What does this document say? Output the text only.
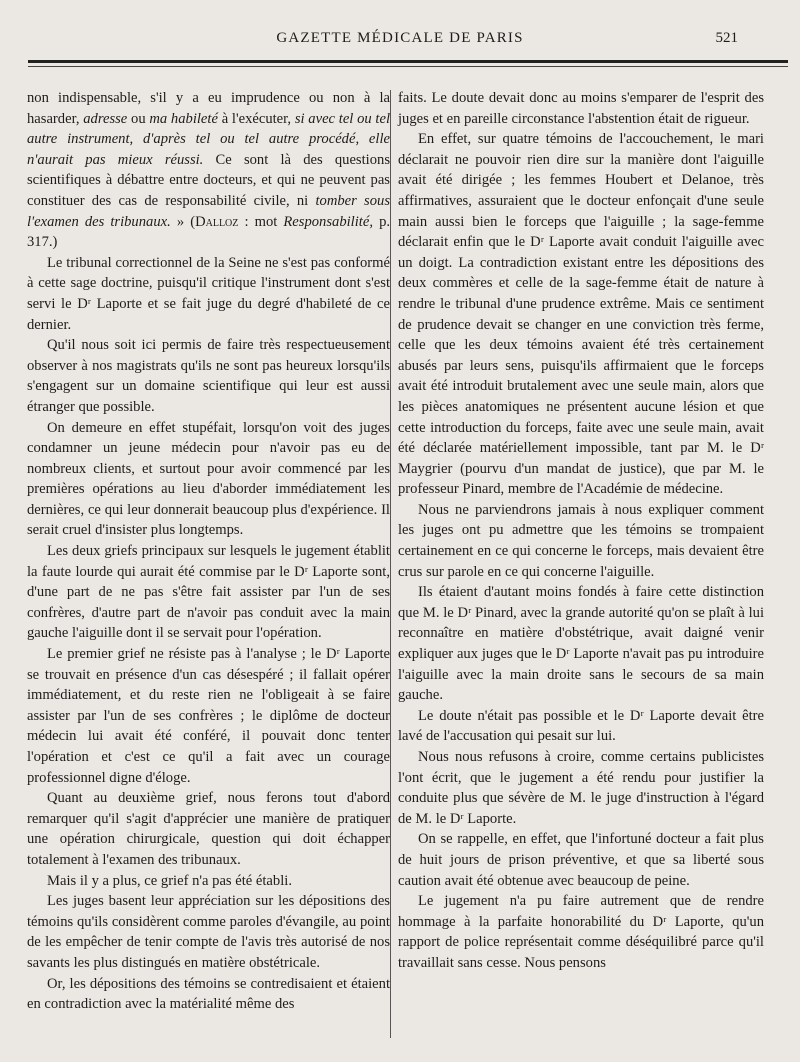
GAZETTE MÉDICALE DE PARIS	521

non indispensable, s'il y a eu imprudence ou non à la hasarder, adresse ou ma habileté à l'exécuter, si avec tel ou tel autre instrument, d'après tel ou tel autre procédé, elle n'aurait pas mieux réussi. Ce sont là des questions scientifiques à débattre entre docteurs, et qui ne peuvent pas constituer des cas de responsabilité civile, ni tomber sous l'examen des tribunaux. » (Dalloz : mot Responsabilité, p. 317.)

Le tribunal correctionnel de la Seine ne s'est pas conformé à cette sage doctrine, puisqu'il critique l'instrument dont s'est servi le Dʳ Laporte et se fait juge du degré d'habileté de ce dernier.

Qu'il nous soit ici permis de faire très respectueusement observer à nos magistrats qu'ils ne sont pas heureux lorsqu'ils s'engagent sur un domaine scientifique qui leur est aussi étranger que possible.

On demeure en effet stupéfait, lorsqu'on voit des juges condamner un jeune médecin pour n'avoir pas eu de nombreux clients, et surtout pour avoir commencé par les premières opérations au lieu d'aborder immédiatement les dernières, ce qui leur donnerait beaucoup plus d'expérience. Il serait cruel d'insister plus longtemps.

Les deux griefs principaux sur lesquels le jugement établit la faute lourde qui aurait été commise par le Dʳ Laporte sont, d'une part de ne pas s'être fait assister par l'un de ses confrères, d'autre part de n'avoir pas conduit avec la main gauche l'aiguille dont il se servait pour l'opération.

Le premier grief ne résiste pas à l'analyse ; le Dʳ Laporte se trouvait en présence d'un cas désespéré ; il fallait opérer immédiatement, et du reste rien ne l'obligeait à se faire assister par l'un de ses confrères ; le diplôme de docteur médecin lui avait été conféré, il pouvait donc tenter l'opération et c'est ce qu'il a fait avec un courage professionnel digne d'éloge.

Quant au deuxième grief, nous ferons tout d'abord remarquer qu'il s'agit d'apprécier une manière de pratiquer une opération chirurgicale, question qui doit échapper totalement à l'examen des tribunaux.

Mais il y a plus, ce grief n'a pas été établi.

Les juges basent leur appréciation sur les dépositions des témoins qu'ils considèrent comme paroles d'évangile, au point de les empêcher de tenir compte de l'avis très autorisé de nos savants les plus distingués en matière obstétricale.

Or, les dépositions des témoins se contredisaient et étaient en contradiction avec la matérialité même des

faits. Le doute devait donc au moins s'emparer de l'esprit des juges et en pareille circonstance l'abstention était de rigueur.

En effet, sur quatre témoins de l'accouchement, le mari déclarait ne pouvoir rien dire sur la manière dont l'aiguille avait été dirigée ; les femmes Houbert et Delanoe, très affirmatives, assuraient que le docteur enfonçait d'une seule main aussi bien le forceps que l'aiguille ; la sage-femme déclarait enfin que le Dʳ Laporte avait conduit l'aiguille avec un doigt. La contradiction existant entre les dépositions des deux commères et celle de la sage-femme était de nature à rendre le tribunal d'une prudence extrême. Mais ce sentiment de prudence devait se changer en une conviction très ferme, celle que les deux témoins avaient été très certainement abusés par leurs sens, puisqu'ils affirmaient que le forceps avait été introduit brutalement avec une seule main, alors que les pièces anatomiques ne présentent aucune lésion et que cette introduction du forceps, faite avec une seule main, avait été déclarée matériellement impossible, tant par M. le Dʳ Maygrier (pourvu d'un mandat de justice), que par M. le professeur Pinard, membre de l'Académie de médecine.

Nous ne parviendrons jamais à nous expliquer comment les juges ont pu admettre que les témoins se trompaient certainement en ce qui concerne le forceps, mais devaient être crus sur parole en ce qui concerne l'aiguille.

Ils étaient d'autant moins fondés à faire cette distinction que M. le Dʳ Pinard, avec la grande autorité qu'on se plaît à lui reconnaître en matière d'obstétrique, avait daigné venir expliquer aux juges que le Dʳ Laporte n'avait pas pu introduire l'aiguille avec la main droite sans le secours de sa main gauche.

Le doute n'était pas possible et le Dʳ Laporte devait être lavé de l'accusation qui pesait sur lui.

Nous nous refusons à croire, comme certains publicistes l'ont écrit, que le jugement a été rendu pour justifier la conduite plus que sévère de M. le juge d'instruction à l'égard de M. le Dʳ Laporte.

On se rappelle, en effet, que l'infortuné docteur a fait plus de huit jours de prison préventive, et que sa liberté sous caution avait été obtenue avec beaucoup de peine.

Le jugement n'a pu faire autrement que de rendre hommage à la parfaite honorabilité du Dʳ Laporte, qu'un rapport de police représentait comme déséquilibré parce qu'il travaillait sans cesse. Nous pensons
